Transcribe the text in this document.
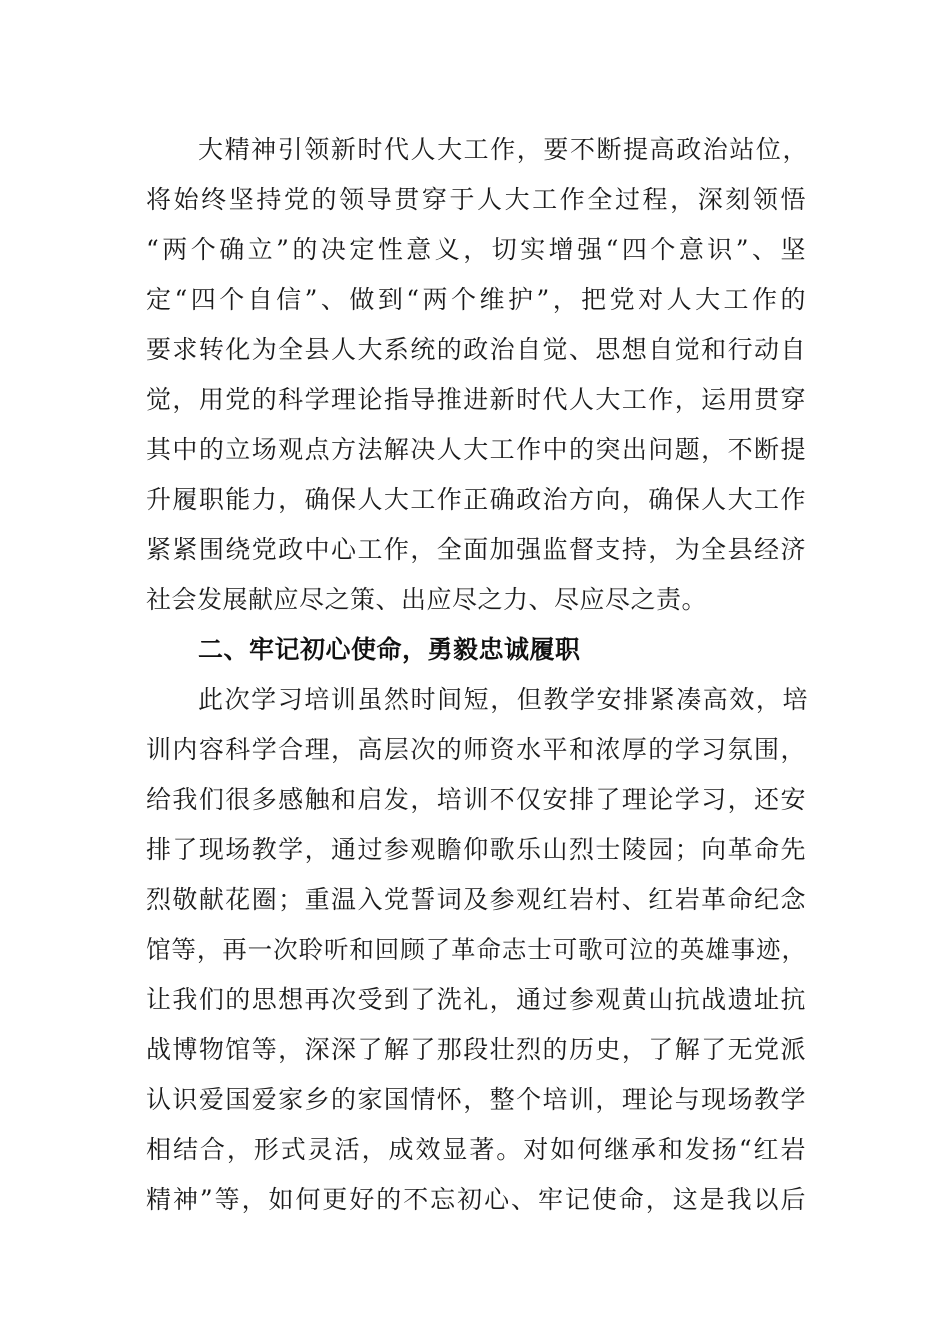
大精神引领新时代人大工作，要不断提高政治站位，
将始终坚持党的领导贯穿于人大工作全过程，深刻领悟
“两个确立”的决定性意义，切实增强“四个意识”、坚
定“四个自信”、做到“两个维护”，把党对人大工作的
要求转化为全县人大系统的政治自觉、思想自觉和行动自
觉，用党的科学理论指导推进新时代人大工作，运用贯穿
其中的立场观点方法解决人大工作中的突出问题，不断提
升履职能力，确保人大工作正确政治方向，确保人大工作
紧紧围绕党政中心工作，全面加强监督支持，为全县经济
社会发展献应尽之策、出应尽之力、尽应尽之责。
二、牢记初心使命，勇毅忠诚履职
此次学习培训虽然时间短，但教学安排紧凑高效，培
训内容科学合理，高层次的师资水平和浓厚的学习氛围，
给我们很多感触和启发，培训不仅安排了理论学习，还安
排了现场教学，通过参观瞻仰歌乐山烈士陵园；向革命先
烈敬献花圈；重温入党誓词及参观红岩村、红岩革命纪念
馆等，再一次聆听和回顾了革命志士可歌可泣的英雄事迹，
让我们的思想再次受到了洗礼，通过参观黄山抗战遗址抗
战博物馆等，深深了解了那段壮烈的历史，了解了无党派
认识爱国爱家乡的家国情怀，整个培训，理论与现场教学
相结合，形式灵活，成效显著。对如何继承和发扬“红岩
精神”等，如何更好的不忘初心、牢记使命，这是我以后
